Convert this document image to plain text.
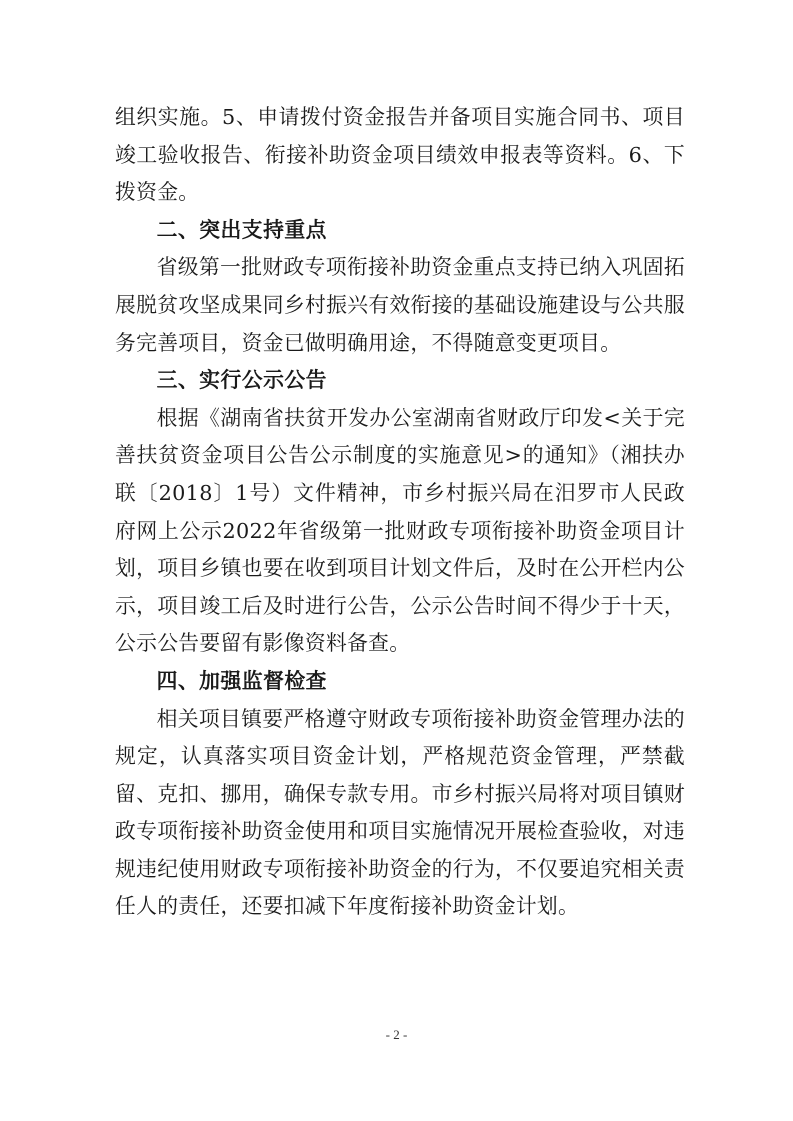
组织实施。5、申请拨付资金报告并备项目实施合同书、项目竣工验收报告、衔接补助资金项目绩效申报表等资料。6、下拨资金。

二、突出支持重点

省级第一批财政专项衔接补助资金重点支持已纳入巩固拓展脱贫攻坚成果同乡村振兴有效衔接的基础设施建设与公共服务完善项目，资金已做明确用途，不得随意变更项目。

三、实行公示公告

根据《湖南省扶贫开发办公室湖南省财政厅印发<关于完善扶贫资金项目公告公示制度的实施意见>的通知》（湘扶办联〔2018〕1号）文件精神，市乡村振兴局在汨罗市人民政府网上公示2022年省级第一批财政专项衔接补助资金项目计划，项目乡镇也要在收到项目计划文件后，及时在公开栏内公示，项目竣工后及时进行公告，公示公告时间不得少于十天，公示公告要留有影像资料备查。

四、加强监督检查

相关项目镇要严格遵守财政专项衔接补助资金管理办法的规定，认真落实项目资金计划，严格规范资金管理，严禁截留、克扣、挪用，确保专款专用。市乡村振兴局将对项目镇财政专项衔接补助资金使用和项目实施情况开展检查验收，对违规违纪使用财政专项衔接补助资金的行为，不仅要追究相关责任人的责任，还要扣减下年度衔接补助资金计划。

- 2 -
